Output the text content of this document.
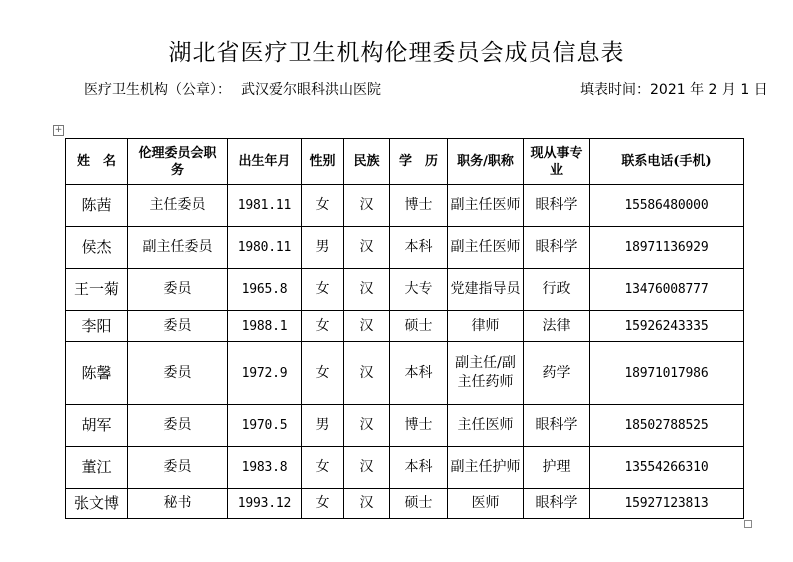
湖北省医疗卫生机构伦理委员会成员信息表
医疗卫生机构（公章）： 武汉爱尔眼科洪山医院	填表时间：2021 年 2 月 1 日
+
姓　名	伦理委员会职　　务	出生年月	性别	民族	学　历	职务/职称	现从事专业	联系电话(手机)
陈茜	主任委员	1981.11	女	汉	博士	副主任医师	眼科学	15586480000
侯杰	副主任委员	1980.11	男	汉	本科	副主任医师	眼科学	18971136929
王一菊	委员	1965.8	女	汉	大专	党建指导员	行政	13476008777
李阳	委员	1988.1	女	汉	硕士	律师	法律	15926243335
陈馨	委员	1972.9	女	汉	本科	副主任/副主任药师	药学	18971017986
胡军	委员	1970.5	男	汉	博士	主任医师	眼科学	18502788525
董江	委员	1983.8	女	汉	本科	副主任护师	护理	13554266310
张文博	秘书	1993.12	女	汉	硕士	医师	眼科学	15927123813
